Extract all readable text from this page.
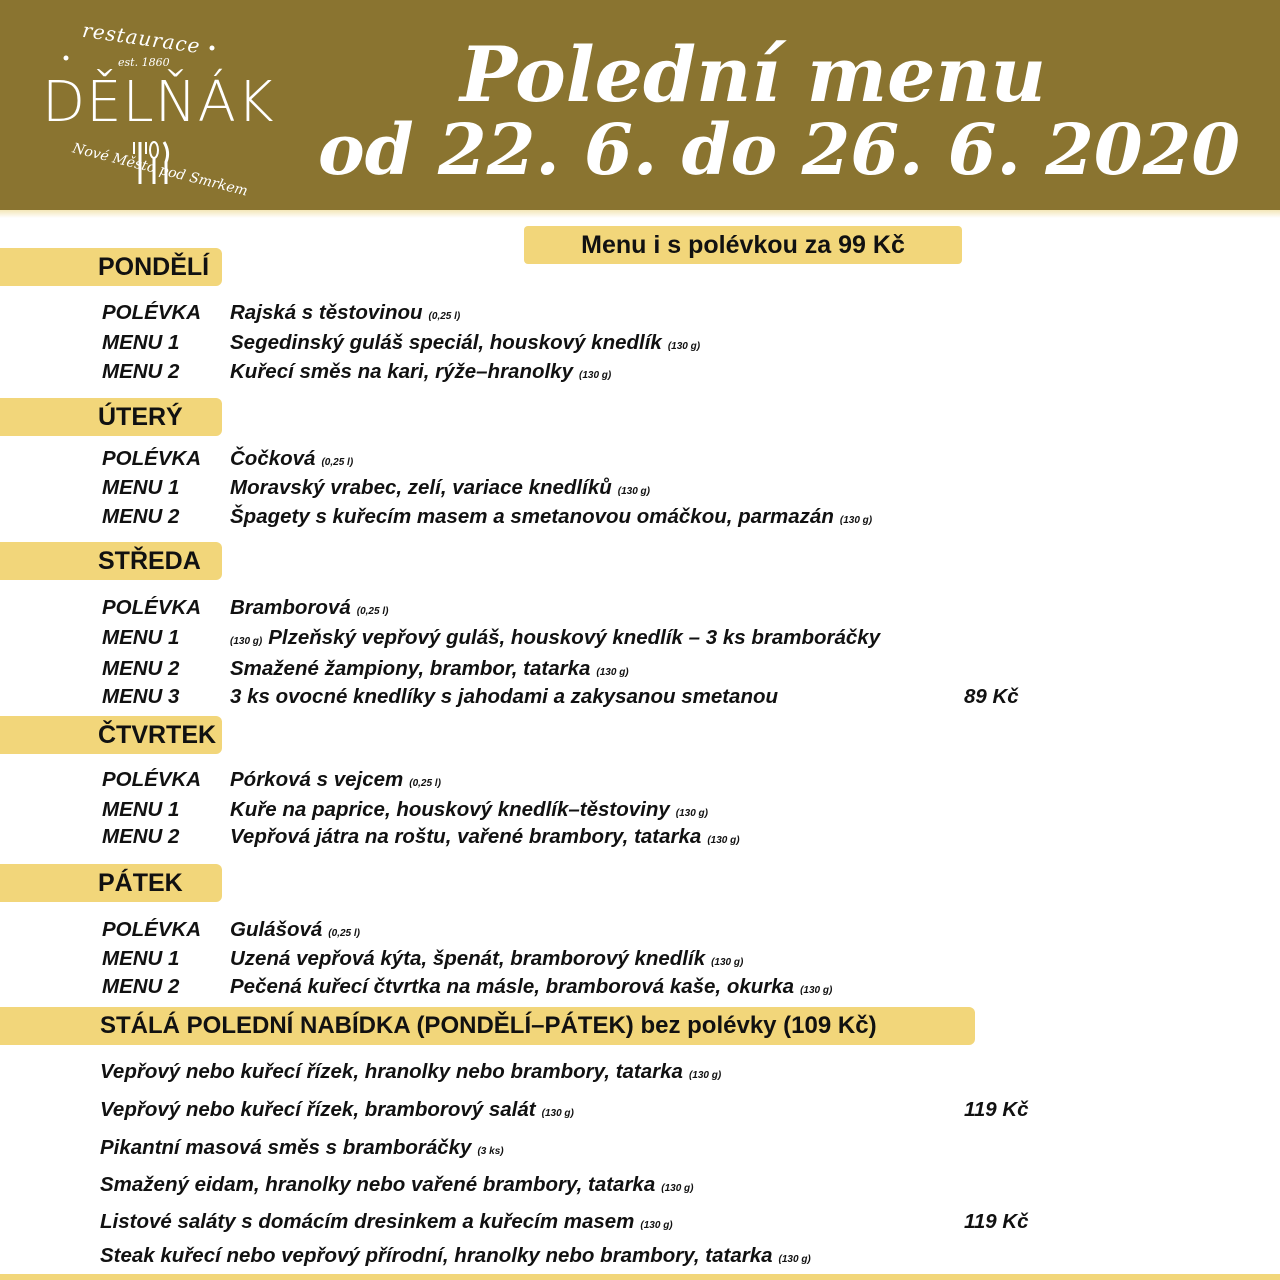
restaurace
est. 1860
DĚLŇÁK
Nové Město pod Smrkem
Polední menu
od 22. 6. do 26. 6. 2020
Menu i s polévkou za 99 Kč
PONDĚLÍ
POLÉVKA Rajská s těstovinou (0,25 l)
MENU 1 Segedinský guláš speciál, houskový knedlík (130 g)
MENU 2 Kuřecí směs na kari, rýže–hranolky (130 g)
ÚTERÝ
POLÉVKA Čočková (0,25 l)
MENU 1 Moravský vrabec, zelí, variace knedlíků (130 g)
MENU 2 Špagety s kuřecím masem a smetanovou omáčkou, parmazán (130 g)
STŘEDA
POLÉVKA Bramborová (0,25 l)
MENU 1	(130 g) Plzeňský vepřový guláš, houskový knedlík – 3 ks bramboráčky
MENU 2 Smažené žampiony, brambor, tatarka (130 g)
MENU 3 3 ks ovocné knedlíky s jahodami a zakysanou smetanou	89 Kč
ČTVRTEK
POLÉVKA Pórková s vejcem (0,25 l)
MENU 1 Kuře na paprice, houskový knedlík–těstoviny (130 g)
MENU 2 Vepřová játra na roštu, vařené brambory, tatarka (130 g)
PÁTEK
POLÉVKA Gulášová (0,25 l)
MENU 1 Uzená vepřová kýta, špenát, bramborový knedlík (130 g)
MENU 2 Pečená kuřecí čtvrtka na másle, bramborová kaše, okurka (130 g)
STÁLÁ POLEDNÍ NABÍDKA (PONDĚLÍ–PÁTEK) bez polévky (109 Kč)
Vepřový nebo kuřecí řízek, hranolky nebo brambory, tatarka (130 g)
Vepřový nebo kuřecí řízek, bramborový salát (130 g)	119 Kč
Pikantní masová směs s bramboráčky (3 ks)
Smažený eidam, hranolky nebo vařené brambory, tatarka (130 g)
Listové saláty s domácím dresinkem a kuřecím masem (130 g)	119 Kč
Steak kuřecí nebo vepřový přírodní, hranolky nebo brambory, tatarka (130 g)
